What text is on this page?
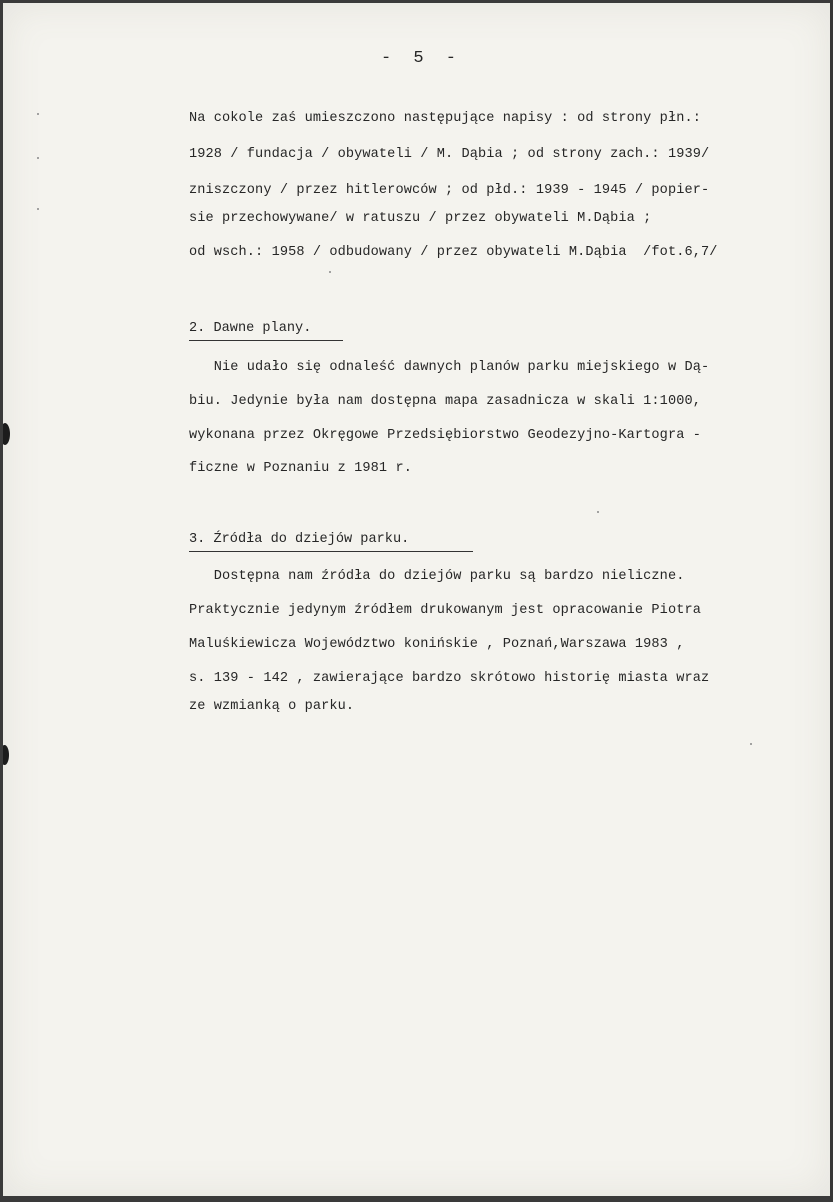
- 5 -
Na cokole zaś umieszczono następujące napisy : od strony płn.:
1928 / fundacja / obywateli / M. Dąbia ; od strony zach.: 1939/
zniszczony / przez hitlerowców ; od płd.: 1939 - 1945 / popier-
sie przechowywane/ w ratuszu / przez obywateli M.Dąbia ;
od wsch.: 1958 / odbudowany / przez obywateli M.Dąbia  /fot.6,7/
2. Dawne plany.
Nie udało się odnaleść dawnych planów parku miejskiego w Dą-
biu. Jedynie była nam dostępna mapa zasadnicza w skali 1:1000,
wykonana przez Okręgowe Przedsiębiorstwo Geodezyjno-Kartogra -
ficzne w Poznaniu z 1981 r.
3. Źródła do dziejów parku.
Dostępna nam źródła do dziejów parku są bardzo nieliczne.
Praktycznie jedynym źródłem drukowanym jest opracowanie Piotra
Maluśkiewicza Województwo konińskie , Poznań,Warszawa 1983 ,
s. 139 - 142 , zawierające bardzo skrótowo historię miasta wraz
ze wzmianką o parku.
